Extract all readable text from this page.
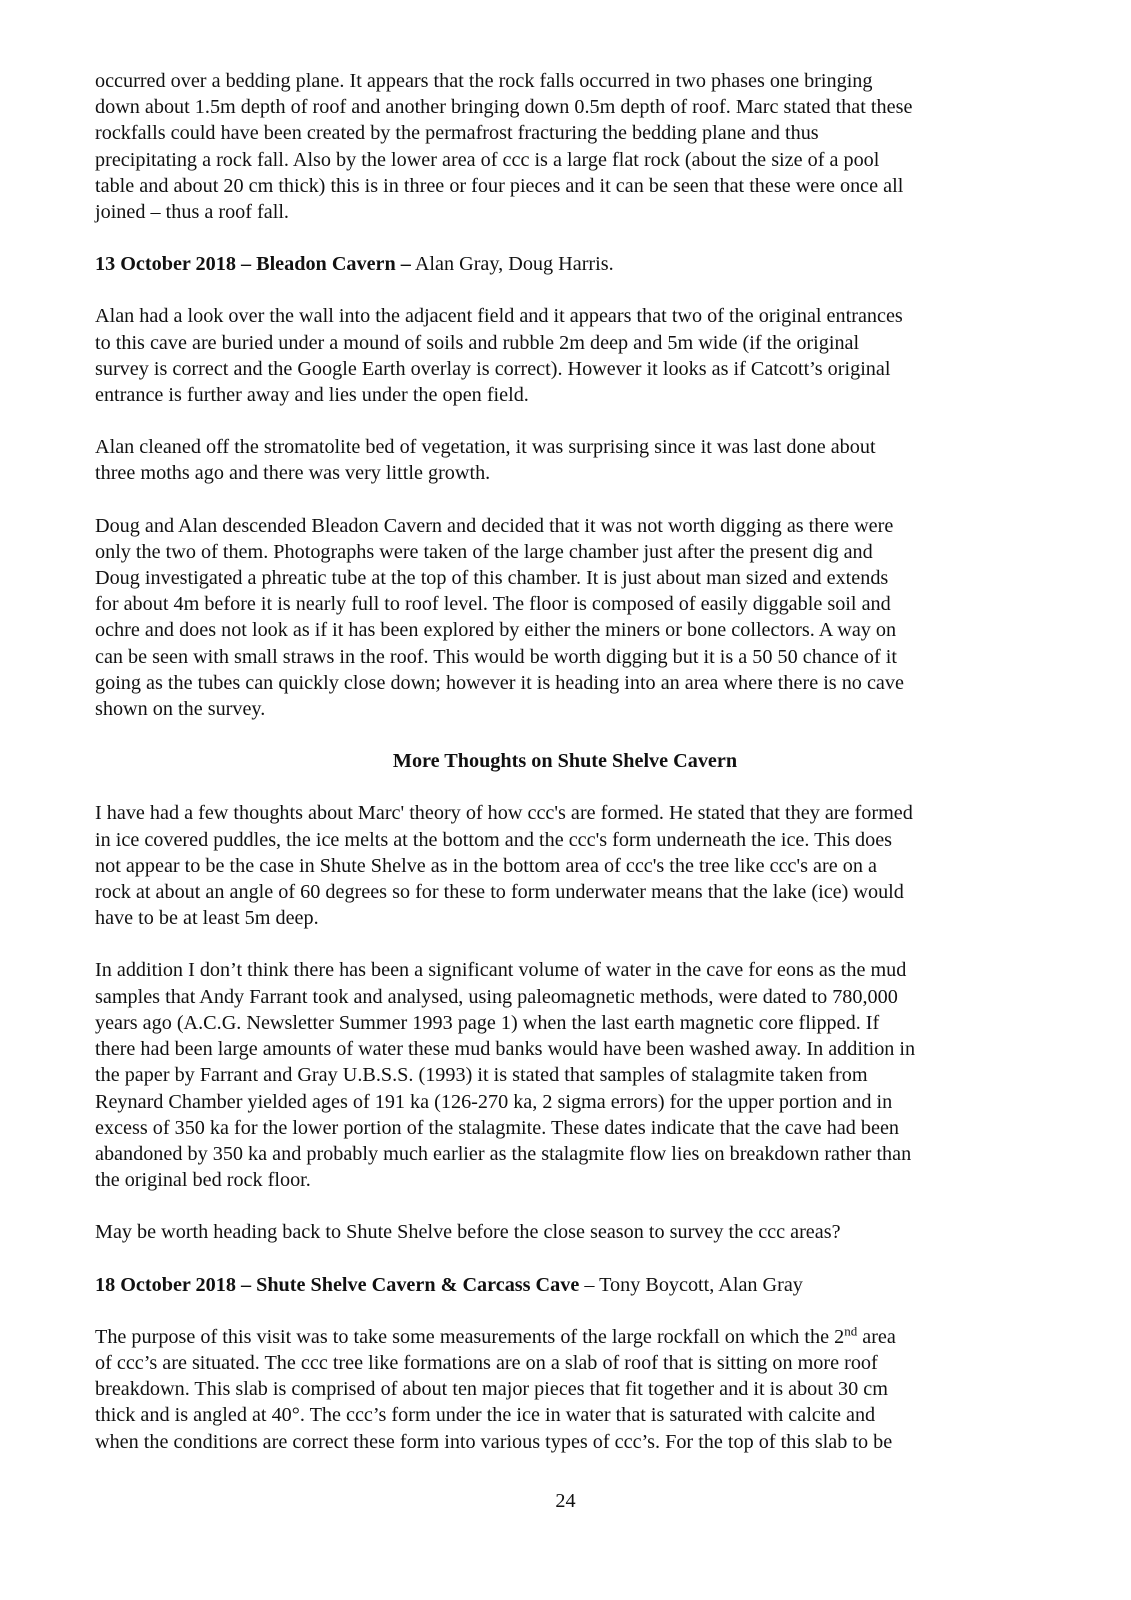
occurred over a bedding plane. It appears that the rock falls occurred in two phases one bringing
down about 1.5m depth of roof and another bringing down 0.5m depth of roof. Marc stated that these
rockfalls could have been created by the permafrost fracturing the bedding plane and thus
precipitating a rock fall. Also by the lower area of ccc is a large flat rock (about the size of a pool
table and about 20 cm thick) this is in three or four pieces and it can be seen that these were once all
joined – thus a roof fall.

13 October 2018 – Bleadon Cavern – Alan Gray, Doug Harris.

Alan had a look over the wall into the adjacent field and it appears that two of the original entrances
to this cave are buried under a mound of soils and rubble 2m deep and 5m wide (if the original
survey is correct and the Google Earth overlay is correct). However it looks as if Catcott’s original
entrance is further away and lies under the open field.

Alan cleaned off the stromatolite bed of vegetation, it was surprising since it was last done about
three moths ago and there was very little growth.

Doug and Alan descended Bleadon Cavern and decided that it was not worth digging as there were
only the two of them. Photographs were taken of the large chamber just after the present dig and
Doug investigated a phreatic tube at the top of this chamber. It is just about man sized and extends
for about 4m before it is nearly full to roof level. The floor is composed of easily diggable soil and
ochre and does not look as if it has been explored by either the miners or bone collectors. A way on
can be seen with small straws in the roof. This would be worth digging but it is a 50 50 chance of it
going as the tubes can quickly close down; however it is heading into an area where there is no cave
shown on the survey.

More Thoughts on Shute Shelve Cavern

I have had a few thoughts about Marc' theory of how ccc's are formed. He stated that they are formed
in ice covered puddles, the ice melts at the bottom and the ccc's form underneath the ice. This does
not appear to be the case in Shute Shelve as in the bottom area of ccc's the tree like ccc's are on a
rock at about an angle of 60 degrees so for these to form underwater means that the lake (ice) would
have to be at least 5m deep.

In addition I don’t think there has been a significant volume of water in the cave for eons as the mud
samples that Andy Farrant took and analysed, using paleomagnetic methods, were dated to 780,000
years ago (A.C.G. Newsletter Summer 1993 page 1) when the last earth magnetic core flipped. If
there had been large amounts of water these mud banks would have been washed away. In addition in
the paper by Farrant and Gray U.B.S.S. (1993) it is stated that samples of stalagmite taken from
Reynard Chamber yielded ages of 191 ka (126-270 ka, 2 sigma errors) for the upper portion and in
excess of 350 ka for the lower portion of the stalagmite. These dates indicate that the cave had been
abandoned by 350 ka and probably much earlier as the stalagmite flow lies on breakdown rather than
the original bed rock floor.

May be worth heading back to Shute Shelve before the close season to survey the ccc areas?

18 October 2018 – Shute Shelve Cavern & Carcass Cave – Tony Boycott, Alan Gray

The purpose of this visit was to take some measurements of the large rockfall on which the 2nd area
of ccc’s are situated. The ccc tree like formations are on a slab of roof that is sitting on more roof
breakdown. This slab is comprised of about ten major pieces that fit together and it is about 30 cm
thick and is angled at 40°. The ccc’s form under the ice in water that is saturated with calcite and
when the conditions are correct these form into various types of ccc’s. For the top of this slab to be

24
